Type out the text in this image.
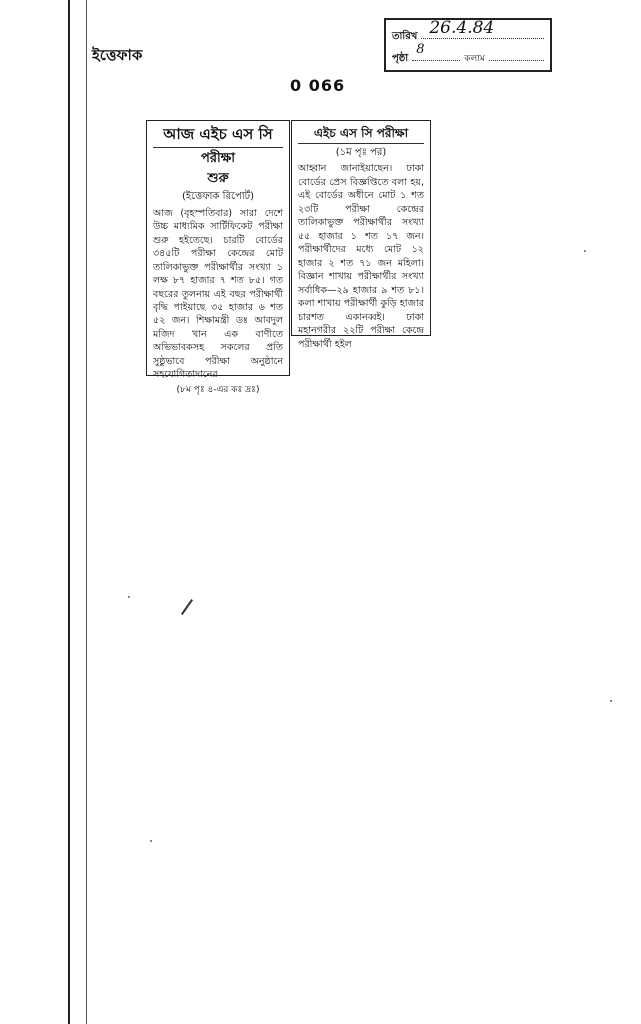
ইত্তেফাক
তারিখ 26.4.84
পৃষ্ঠা
8
কলাম
0 066
আজ এইচ এস সি
পরীক্ষা
শুরু
(ইত্তেফাক রিপোর্ট)
আজ (বৃহস্পতিবার) সারা দেশে উচ্চ মাধ্যমিক সার্টিফিকেট পরীক্ষা শুরু হইতেছে। চারটি বোর্ডের ৩৪৫টি পরীক্ষা কেন্দ্রের মোট তালিকাভুক্ত পরীক্ষার্থীর সংখ্যা ১ লক্ষ ৮৭ হাজার ৭ শত ৮৫। গত বছরের তুলনায় এই বছর পরীক্ষার্থী বৃদ্ধি পাইয়াছে ৩৫ হাজার ৬ শত ৫২ জন। শিক্ষামন্ত্রী ডঃ আবদুল মজিদ খান এক বাণীতে অভিভাবকসহ সকলের প্রতি সুষ্ঠুভাবে পরীক্ষা অনুষ্ঠানে সহযোগিতাদানের
(৮ম পৃঃ ৪-এর কঃ দ্রঃ)
এইচ এস সি পরীক্ষা
(১ম পৃঃ পর)
আহ্বান জানাইয়াছেন। ঢাকা বোর্ডের প্রেস বিজ্ঞপ্তিতে বলা হয়, এই বোর্ডের অধীনে মোট ১ শত ২৩টি পরীক্ষা কেন্দ্রের তালিকাভুক্ত পরীক্ষার্থীর সংখ্যা ৫৫ হাজার ১ শত ১৭ জন। পরীক্ষার্থীদের মধ্যে মোট ১২ হাজার ২ শত ৭১ জন মহিলা। বিজ্ঞান শাখায় পরীক্ষার্থীর সংখ্যা সর্বাধিক—২৯ হাজার ৯ শত ৮১। কলা শাখায় পরীক্ষার্থী কুড়ি হাজার চারশত একানব্বই। ঢাকা মহানগরীর ২২টি পরীক্ষা কেন্দ্রে পরীক্ষার্থী হইল
